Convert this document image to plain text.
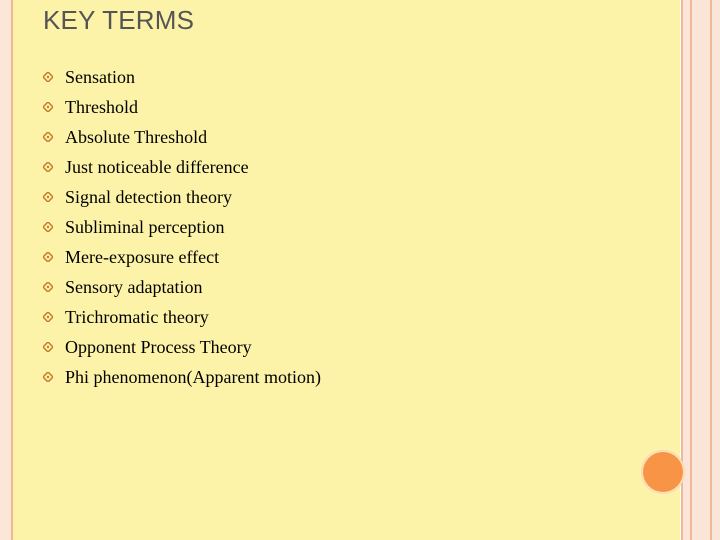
KEY TERMS
Sensation
Threshold
Absolute Threshold
Just noticeable difference
Signal detection theory
Subliminal perception
Mere-exposure effect
Sensory adaptation
Trichromatic theory
Opponent Process Theory
Phi phenomenon(Apparent motion)
